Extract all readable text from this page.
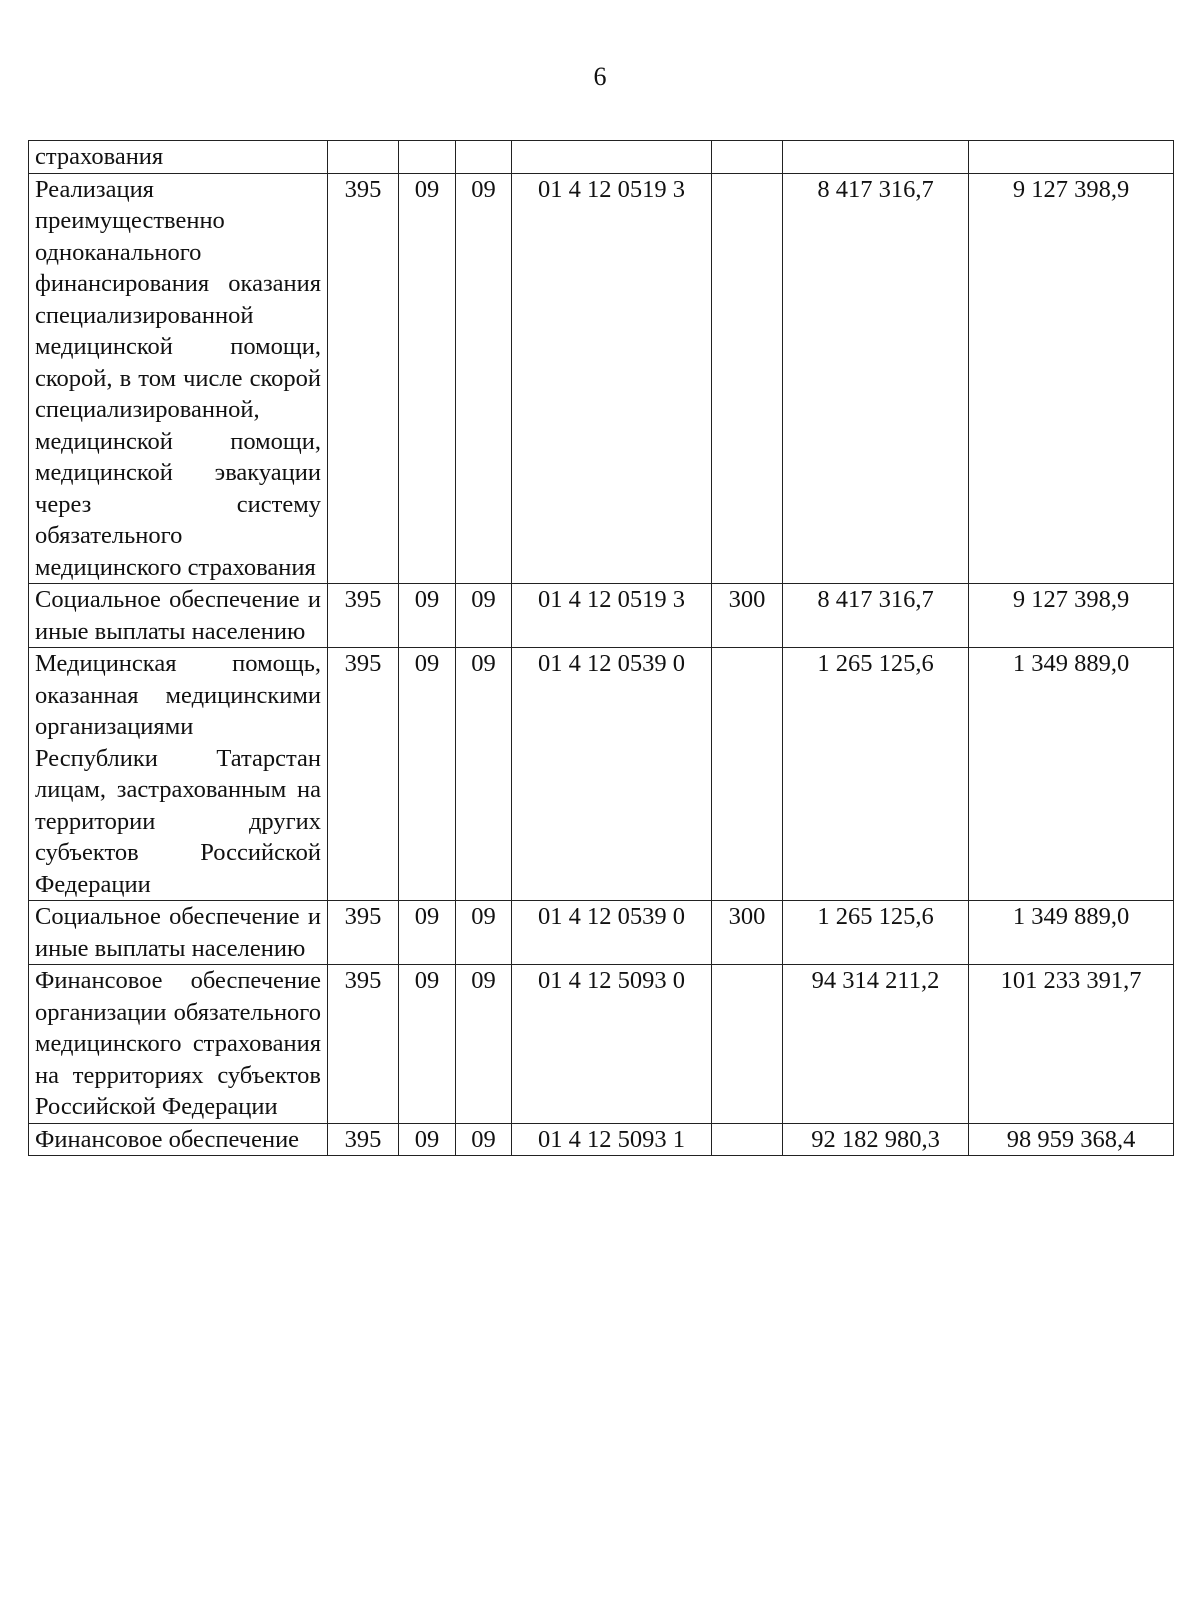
6
страхования							
Реализация преимущественно одноканального финансирования оказания специализированной медицинской помощи, скорой, в том числе скорой специализированной, медицинской помощи, медицинской эвакуации через систему обязательного медицинского страхования	395	09	09	01 4 12 0519 3		8 417 316,7	9 127 398,9
Социальное обеспечение и иные выплаты населению	395	09	09	01 4 12 0519 3	300	8 417 316,7	9 127 398,9
Медицинская помощь, оказанная медицинскими организациями Республики Татарстан лицам, застрахованным на территории других субъектов Российской Федерации	395	09	09	01 4 12 0539 0		1 265 125,6	1 349 889,0
Социальное обеспечение и иные выплаты населению	395	09	09	01 4 12 0539 0	300	1 265 125,6	1 349 889,0
Финансовое обеспечение организации обязательного медицинского страхования на территориях субъектов Российской Федерации	395	09	09	01 4 12 5093 0		94 314 211,2	101 233 391,7
Финансовое обеспечение	395	09	09	01 4 12 5093 1		92 182 980,3	98 959 368,4
